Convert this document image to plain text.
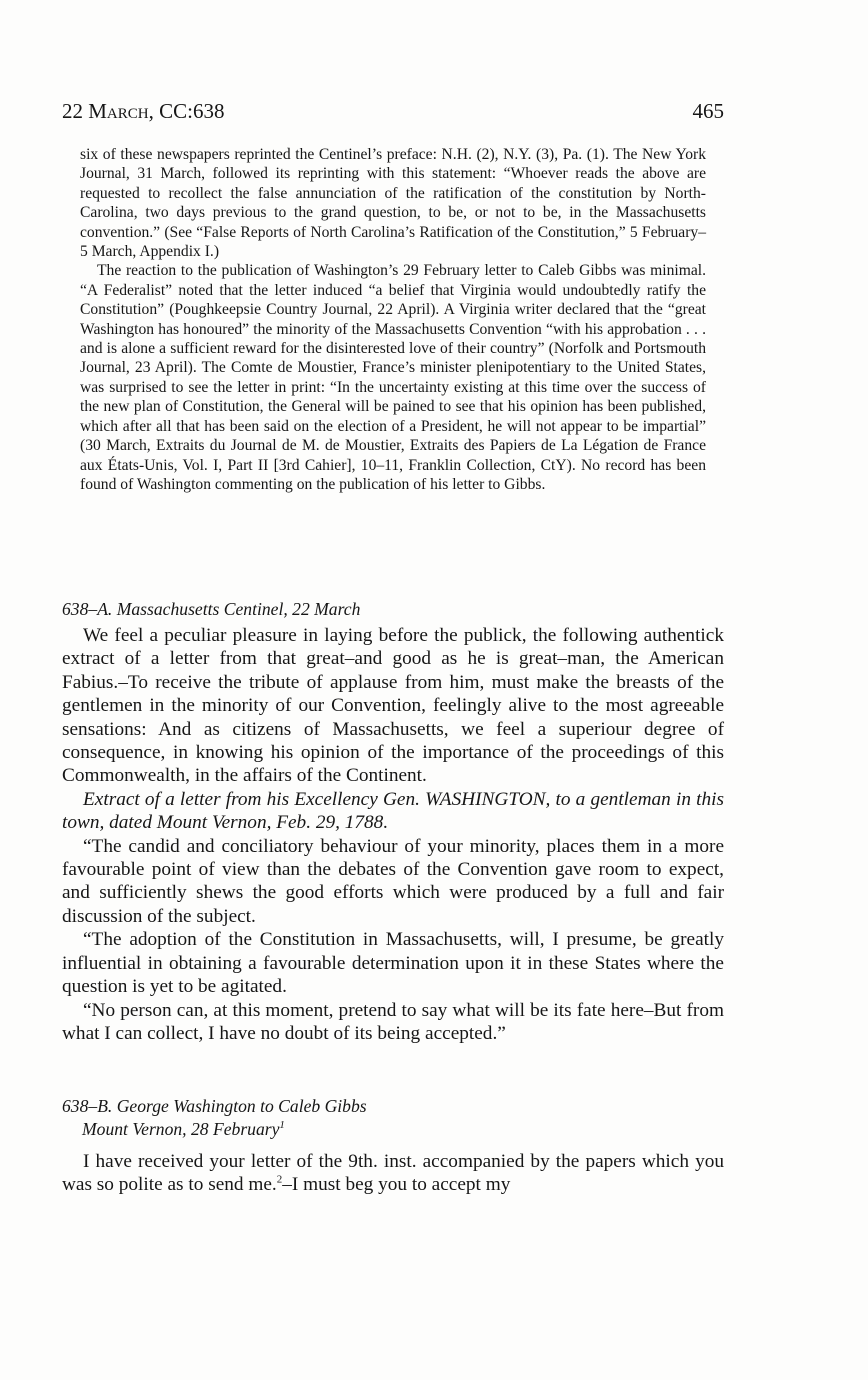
22 March, CC:638	465

six of these newspapers reprinted the Centinel’s preface: N.H. (2), N.Y. (3), Pa. (1). The New York Journal, 31 March, followed its reprinting with this statement: “Whoever reads the above are requested to recollect the false annunciation of the ratification of the constitution by North-Carolina, two days previous to the grand question, to be, or not to be, in the Massachusetts convention.” (See “False Reports of North Carolina’s Ratification of the Constitution,” 5 February–5 March, Appendix I.)

The reaction to the publication of Washington’s 29 February letter to Caleb Gibbs was minimal. “A Federalist” noted that the letter induced “a belief that Virginia would undoubtedly ratify the Constitution” (Poughkeepsie Country Journal, 22 April). A Virginia writer declared that the “great Washington has honoured” the minority of the Massachusetts Convention “with his approbation . . . and is alone a sufficient reward for the disinterested love of their country” (Norfolk and Portsmouth Journal, 23 April). The Comte de Moustier, France’s minister plenipotentiary to the United States, was surprised to see the letter in print: “In the uncertainty existing at this time over the success of the new plan of Constitution, the General will be pained to see that his opinion has been published, which after all that has been said on the election of a President, he will not appear to be impartial” (30 March, Extraits du Journal de M. de Moustier, Extraits des Papiers de La Légation de France aux États-Unis, Vol. I, Part II [3rd Cahier], 10–11, Franklin Collection, CtY). No record has been found of Washington commenting on the publication of his letter to Gibbs.

638–A. Massachusetts Centinel, 22 March

We feel a peculiar pleasure in laying before the publick, the following authentick extract of a letter from that great–and good as he is great–man, the American Fabius.–To receive the tribute of applause from him, must make the breasts of the gentlemen in the minority of our Convention, feelingly alive to the most agreeable sensations: And as citizens of Massachusetts, we feel a superiour degree of consequence, in knowing his opinion of the importance of the proceedings of this Commonwealth, in the affairs of the Continent.

Extract of a letter from his Excellency Gen. WASHINGTON, to a gentleman in this town, dated Mount Vernon, Feb. 29, 1788.

“The candid and conciliatory behaviour of your minority, places them in a more favourable point of view than the debates of the Convention gave room to expect, and sufficiently shews the good efforts which were produced by a full and fair discussion of the subject.

“The adoption of the Constitution in Massachusetts, will, I presume, be greatly influential in obtaining a favourable determination upon it in these States where the question is yet to be agitated.

“No person can, at this moment, pretend to say what will be its fate here–But from what I can collect, I have no doubt of its being accepted.”

638–B. George Washington to Caleb Gibbs
Mount Vernon, 28 February$^1$

I have received your letter of the 9th. inst. accompanied by the papers which you was so polite as to send me.$^2$–I must beg you to accept my
